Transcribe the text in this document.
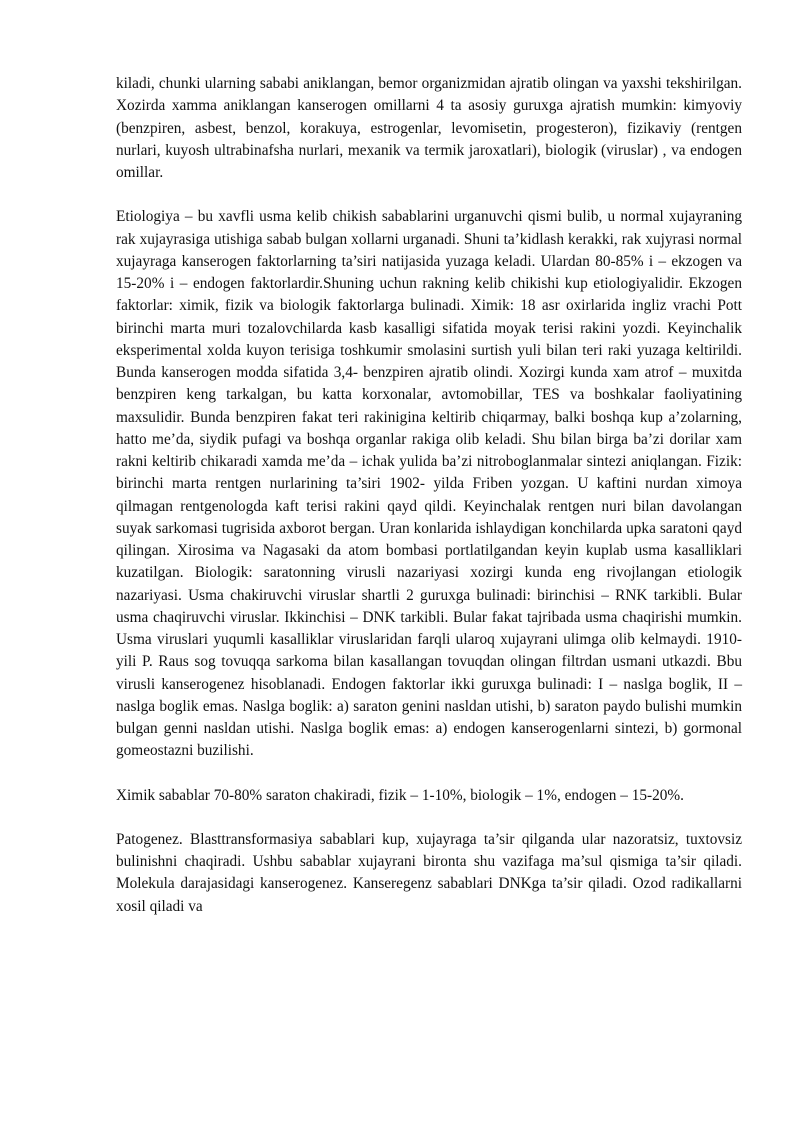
kiladi, chunki ularning sababi aniklangan, bemor organizmidan ajratib olingan va yaxshi tekshirilgan. Xozirda xamma aniklangan kanserogen omillarni 4 ta asosiy guruxga ajratish mumkin: kimyoviy (benzpiren, asbest, benzol, korakuya, estrogenlar, levomisetin, progesteron), fizikaviy (rentgen nurlari, kuyosh ultrabinafsha nurlari, mexanik va termik jaroxatlari), biologik (viruslar) , va endogen omillar.

Etiologiya – bu xavfli usma kelib chikish sabablarini urganuvchi qismi bulib, u normal xujayraning rak xujayrasiga utishiga sabab bulgan xollarni urganadi. Shuni ta’kidlash kerakki, rak xujyrasi normal xujayraga kanserogen faktorlarning ta’siri natijasida yuzaga keladi. Ulardan 80-85% i – ekzogen va 15-20% i – endogen faktorlardir.Shuning uchun rakning kelib chikishi kup etiologiyalidir. Ekzogen faktorlar: ximik, fizik va biologik faktorlarga bulinadi. Ximik: 18 asr oxirlarida ingliz vrachi Pott birinchi marta muri tozalovchilarda kasb kasalligi sifatida moyak terisi rakini yozdi. Keyinchalik eksperimental xolda kuyon terisiga toshkumir smolasini surtish yuli bilan teri raki yuzaga keltirildi. Bunda kanserogen modda sifatida 3,4- benzpiren ajratib olindi. Xozirgi kunda xam atrof – muxitda benzpiren keng tarkalgan, bu katta korxonalar, avtomobillar, TES va boshkalar faoliyatining maxsulidir. Bunda benzpiren fakat teri rakinigina keltirib chiqarmay, balki boshqa kup a’zolarning, hatto me’da, siydik pufagi va boshqa organlar rakiga olib keladi. Shu bilan birga ba’zi dorilar xam rakni keltirib chikaradi xamda me’da – ichak yulida ba’zi nitroboglanmalar sintezi aniqlangan. Fizik: birinchi marta rentgen nurlarining ta’siri 1902- yilda Friben yozgan. U kaftini nurdan ximoya qilmagan rentgenologda kaft terisi rakini qayd qildi. Keyinchalak rentgen nuri bilan davolangan suyak sarkomasi tugrisida axborot bergan. Uran konlarida ishlaydigan konchilarda upka saratoni qayd qilingan. Xirosima va Nagasaki da atom bombasi portlatilgandan keyin kuplab usma kasalliklari kuzatilgan. Biologik: saratonning virusli nazariyasi xozirgi kunda eng rivojlangan etiologik nazariyasi. Usma chakiruvchi viruslar shartli 2 guruxga bulinadi: birinchisi – RNK tarkibli. Bular usma chaqiruvchi viruslar. Ikkinchisi – DNK tarkibli. Bular fakat tajribada usma chaqirishi mumkin. Usma viruslari yuqumli kasalliklar viruslaridan farqli ularoq xujayrani ulimga olib kelmaydi. 1910- yili P. Raus sog tovuqqa sarkoma bilan kasallangan tovuqdan olingan filtrdan usmani utkazdi. Bbu virusli kanserogenez hisoblanadi. Endogen faktorlar ikki guruxga bulinadi: I – naslga boglik, II – naslga boglik emas. Naslga boglik: a) saraton genini nasldan utishi, b) saraton paydo bulishi mumkin bulgan genni nasldan utishi. Naslga boglik emas: a) endogen kanserogenlarni sintezi, b) gormonal gomeostazni buzilishi.

Ximik sabablar 70-80% saraton chakiradi, fizik – 1-10%, biologik – 1%, endogen – 15-20%.

Patogenez. Blasttransformasiya sabablari kup, xujayraga ta’sir qilganda ular nazoratsiz, tuxtovsiz bulinishni chaqiradi. Ushbu sabablar xujayrani bironta shu vazifaga ma’sul qismiga ta’sir qiladi. Molekula darajasidagi kanserogenez. Kanseregenz sabablari DNKga ta’sir qiladi. Ozod radikallarni xosil qiladi va
